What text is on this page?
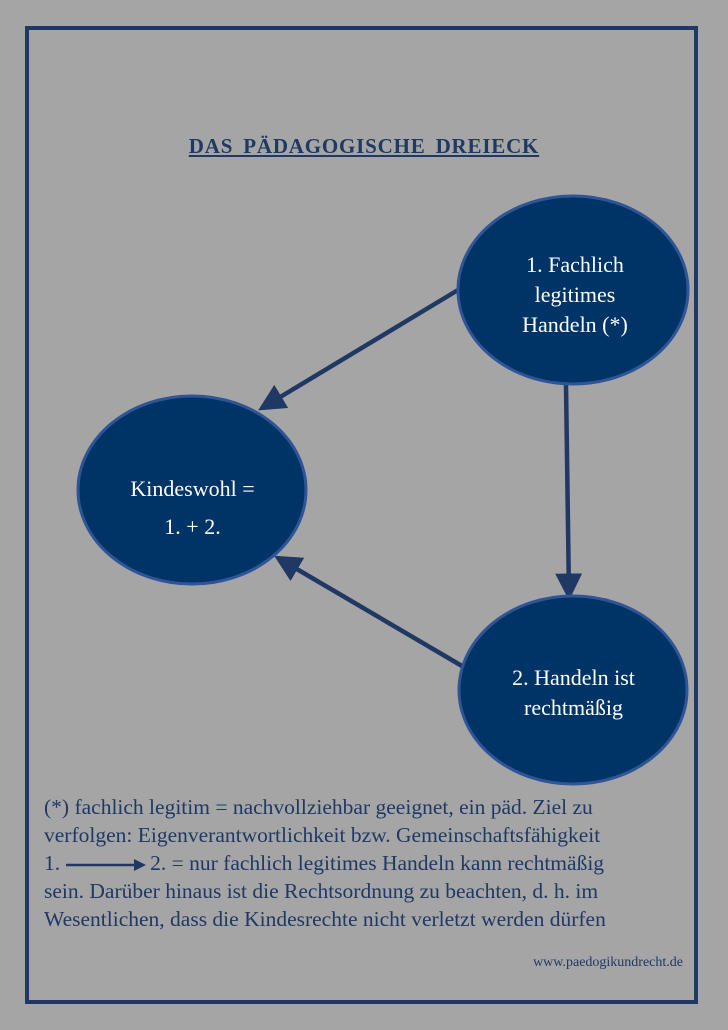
DAS PÄDAGOGISCHE DREIECK
1. Fachlich
legitimes
Handeln (*)
Kindeswohl =
1. + 2.
2. Handeln ist
rechtmäßig
(*) fachlich legitim = nachvollziehbar geeignet, ein päd. Ziel zu
verfolgen: Eigenverantwortlichkeit bzw. Gemeinschaftsfähigkeit
1.	2. = nur fachlich legitimes Handeln kann rechtmäßig
sein. Darüber hinaus ist die Rechtsordnung zu beachten, d. h. im
Wesentlichen, dass die Kindesrechte nicht verletzt werden dürfen
www.paedogikundrecht.de
